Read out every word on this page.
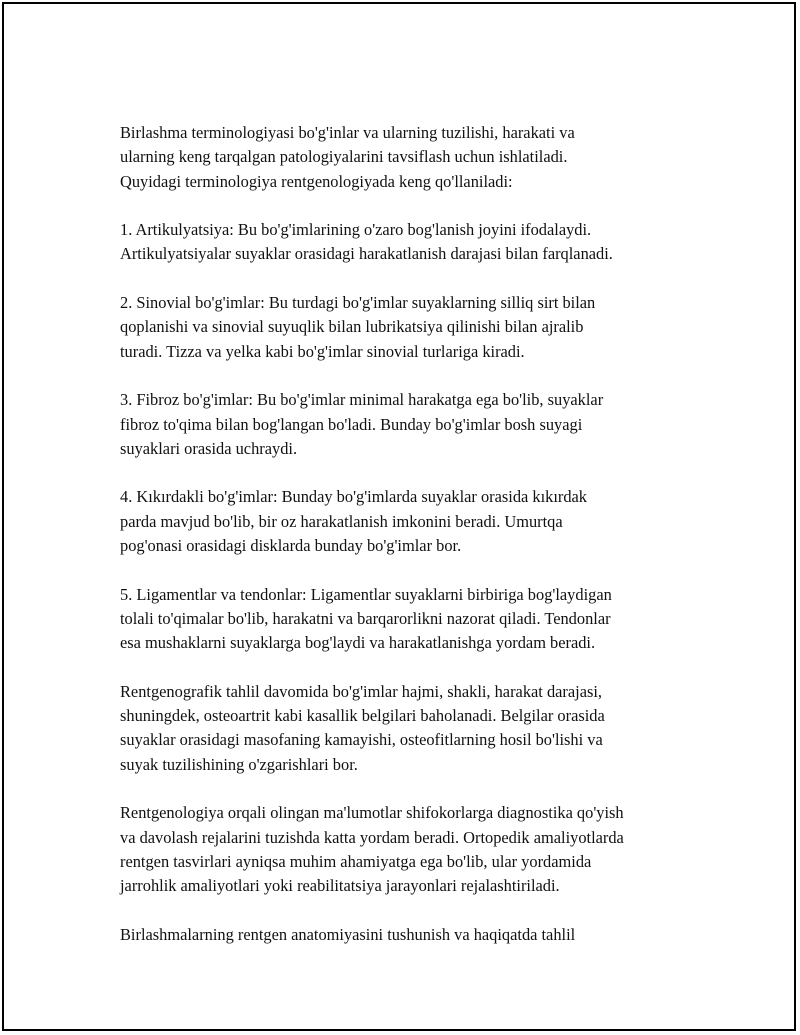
Birlashma terminologiyasi bo'g'inlar va ularning tuzilishi, harakati va
ularning keng tarqalgan patologiyalarini tavsiflash uchun ishlatiladi.
Quyidagi terminologiya rentgenologiyada keng qo'llaniladi:

1. Artikulyatsiya: Bu bo'g'imlarining o'zaro bog'lanish joyini ifodalaydi.
Artikulyatsiyalar suyaklar orasidagi harakatlanish darajasi bilan farqlanadi.

2. Sinovial bo'g'imlar: Bu turdagi bo'g'imlar suyaklarning silliq sirt bilan
qoplanishi va sinovial suyuqlik bilan lubrikatsiya qilinishi bilan ajralib
turadi. Tizza va yelka kabi bo'g'imlar sinovial turlariga kiradi.

3. Fibroz bo'g'imlar: Bu bo'g'imlar minimal harakatga ega bo'lib, suyaklar
fibroz to'qima bilan bog'langan bo'ladi. Bunday bo'g'imlar bosh suyagi
suyaklari orasida uchraydi.

4. Kıkırdakli bo'g'imlar: Bunday bo'g'imlarda suyaklar orasida kıkırdak
parda mavjud bo'lib, bir oz harakatlanish imkonini beradi. Umurtqa
pog'onasi orasidagi disklarda bunday bo'g'imlar bor.

5. Ligamentlar va tendonlar: Ligamentlar suyaklarni birbiriga bog'laydigan
tolali to'qimalar bo'lib, harakatni va barqarorlikni nazorat qiladi. Tendonlar
esa mushaklarni suyaklarga bog'laydi va harakatlanishga yordam beradi.

Rentgenografik tahlil davomida bo'g'imlar hajmi, shakli, harakat darajasi,
shuningdek, osteoartrit kabi kasallik belgilari baholanadi. Belgilar orasida
suyaklar orasidagi masofaning kamayishi, osteofitlarning hosil bo'lishi va
suyak tuzilishining o'zgarishlari bor.

Rentgenologiya orqali olingan ma'lumotlar shifokorlarga diagnostika qo'yish
va davolash rejalarini tuzishda katta yordam beradi. Ortopedik amaliyotlarda
rentgen tasvirlari ayniqsa muhim ahamiyatga ega bo'lib, ular yordamida
jarrohlik amaliyotlari yoki reabilitatsiya jarayonlari rejalashtiriladi.

Birlashmalarning rentgen anatomiyasini tushunish va haqiqatda tahlil
